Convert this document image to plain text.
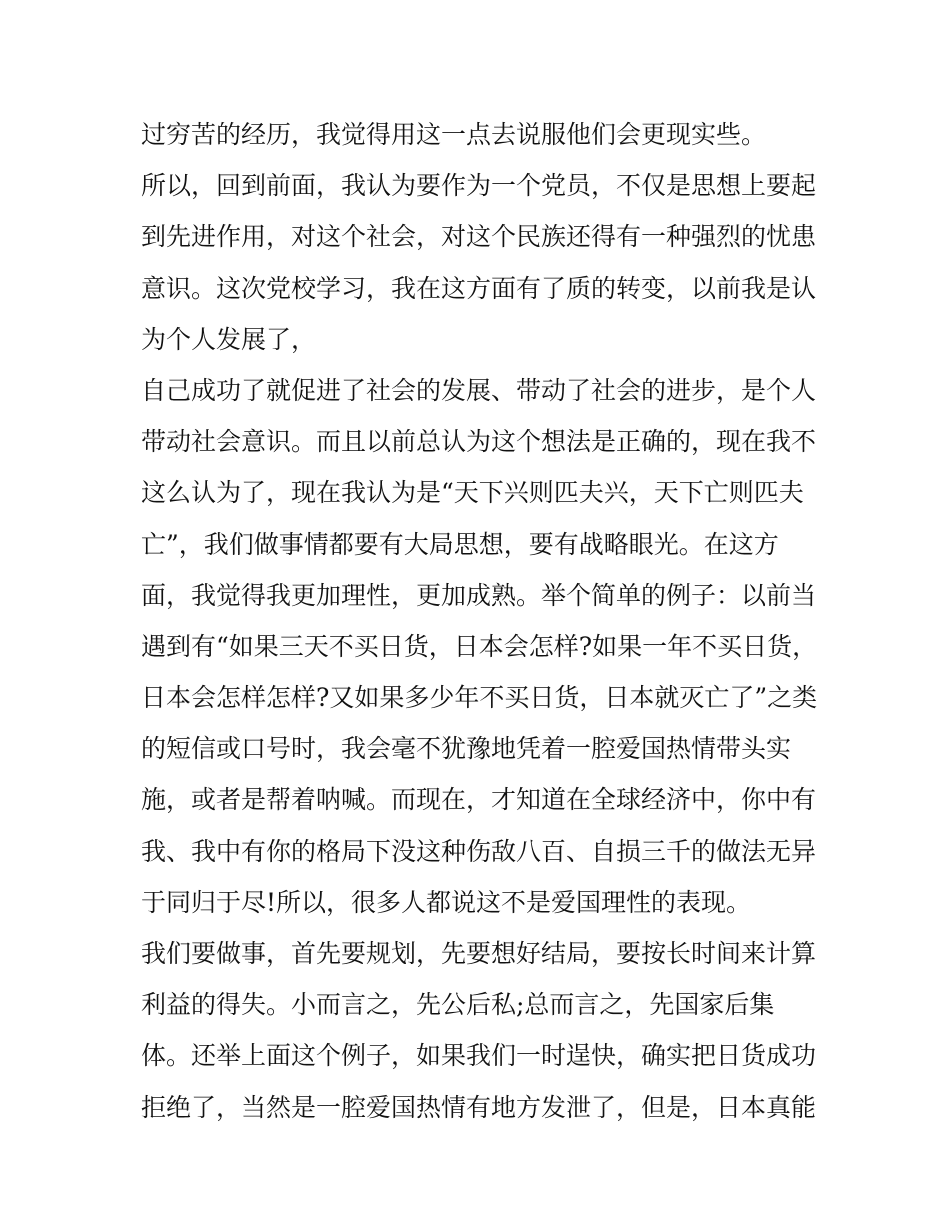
过穷苦的经历，我觉得用这一点去说服他们会更现实些。
所以，回到前面，我认为要作为一个党员，不仅是思想上要起
到先进作用，对这个社会，对这个民族还得有一种强烈的忧患
意识。这次党校学习，我在这方面有了质的转变，以前我是认
为个人发展了，
自己成功了就促进了社会的发展、带动了社会的进步，是个人
带动社会意识。而且以前总认为这个想法是正确的，现在我不
这么认为了，现在我认为是“天下兴则匹夫兴，天下亡则匹夫
亡”，我们做事情都要有大局思想，要有战略眼光。在这方
面，我觉得我更加理性，更加成熟。举个简单的例子：以前当
遇到有“如果三天不买日货，日本会怎样?如果一年不买日货，
日本会怎样怎样?又如果多少年不买日货，日本就灭亡了”之类
的短信或口号时，我会毫不犹豫地凭着一腔爱国热情带头实
施，或者是帮着呐喊。而现在，才知道在全球经济中，你中有
我、我中有你的格局下没这种伤敌八百、自损三千的做法无异
于同归于尽!所以，很多人都说这不是爱国理性的表现。
我们要做事，首先要规划，先要想好结局，要按长时间来计算
利益的得失。小而言之，先公后私;总而言之，先国家后集
体。还举上面这个例子，如果我们一时逞快，确实把日货成功
拒绝了，当然是一腔爱国热情有地方发泄了，但是，日本真能
